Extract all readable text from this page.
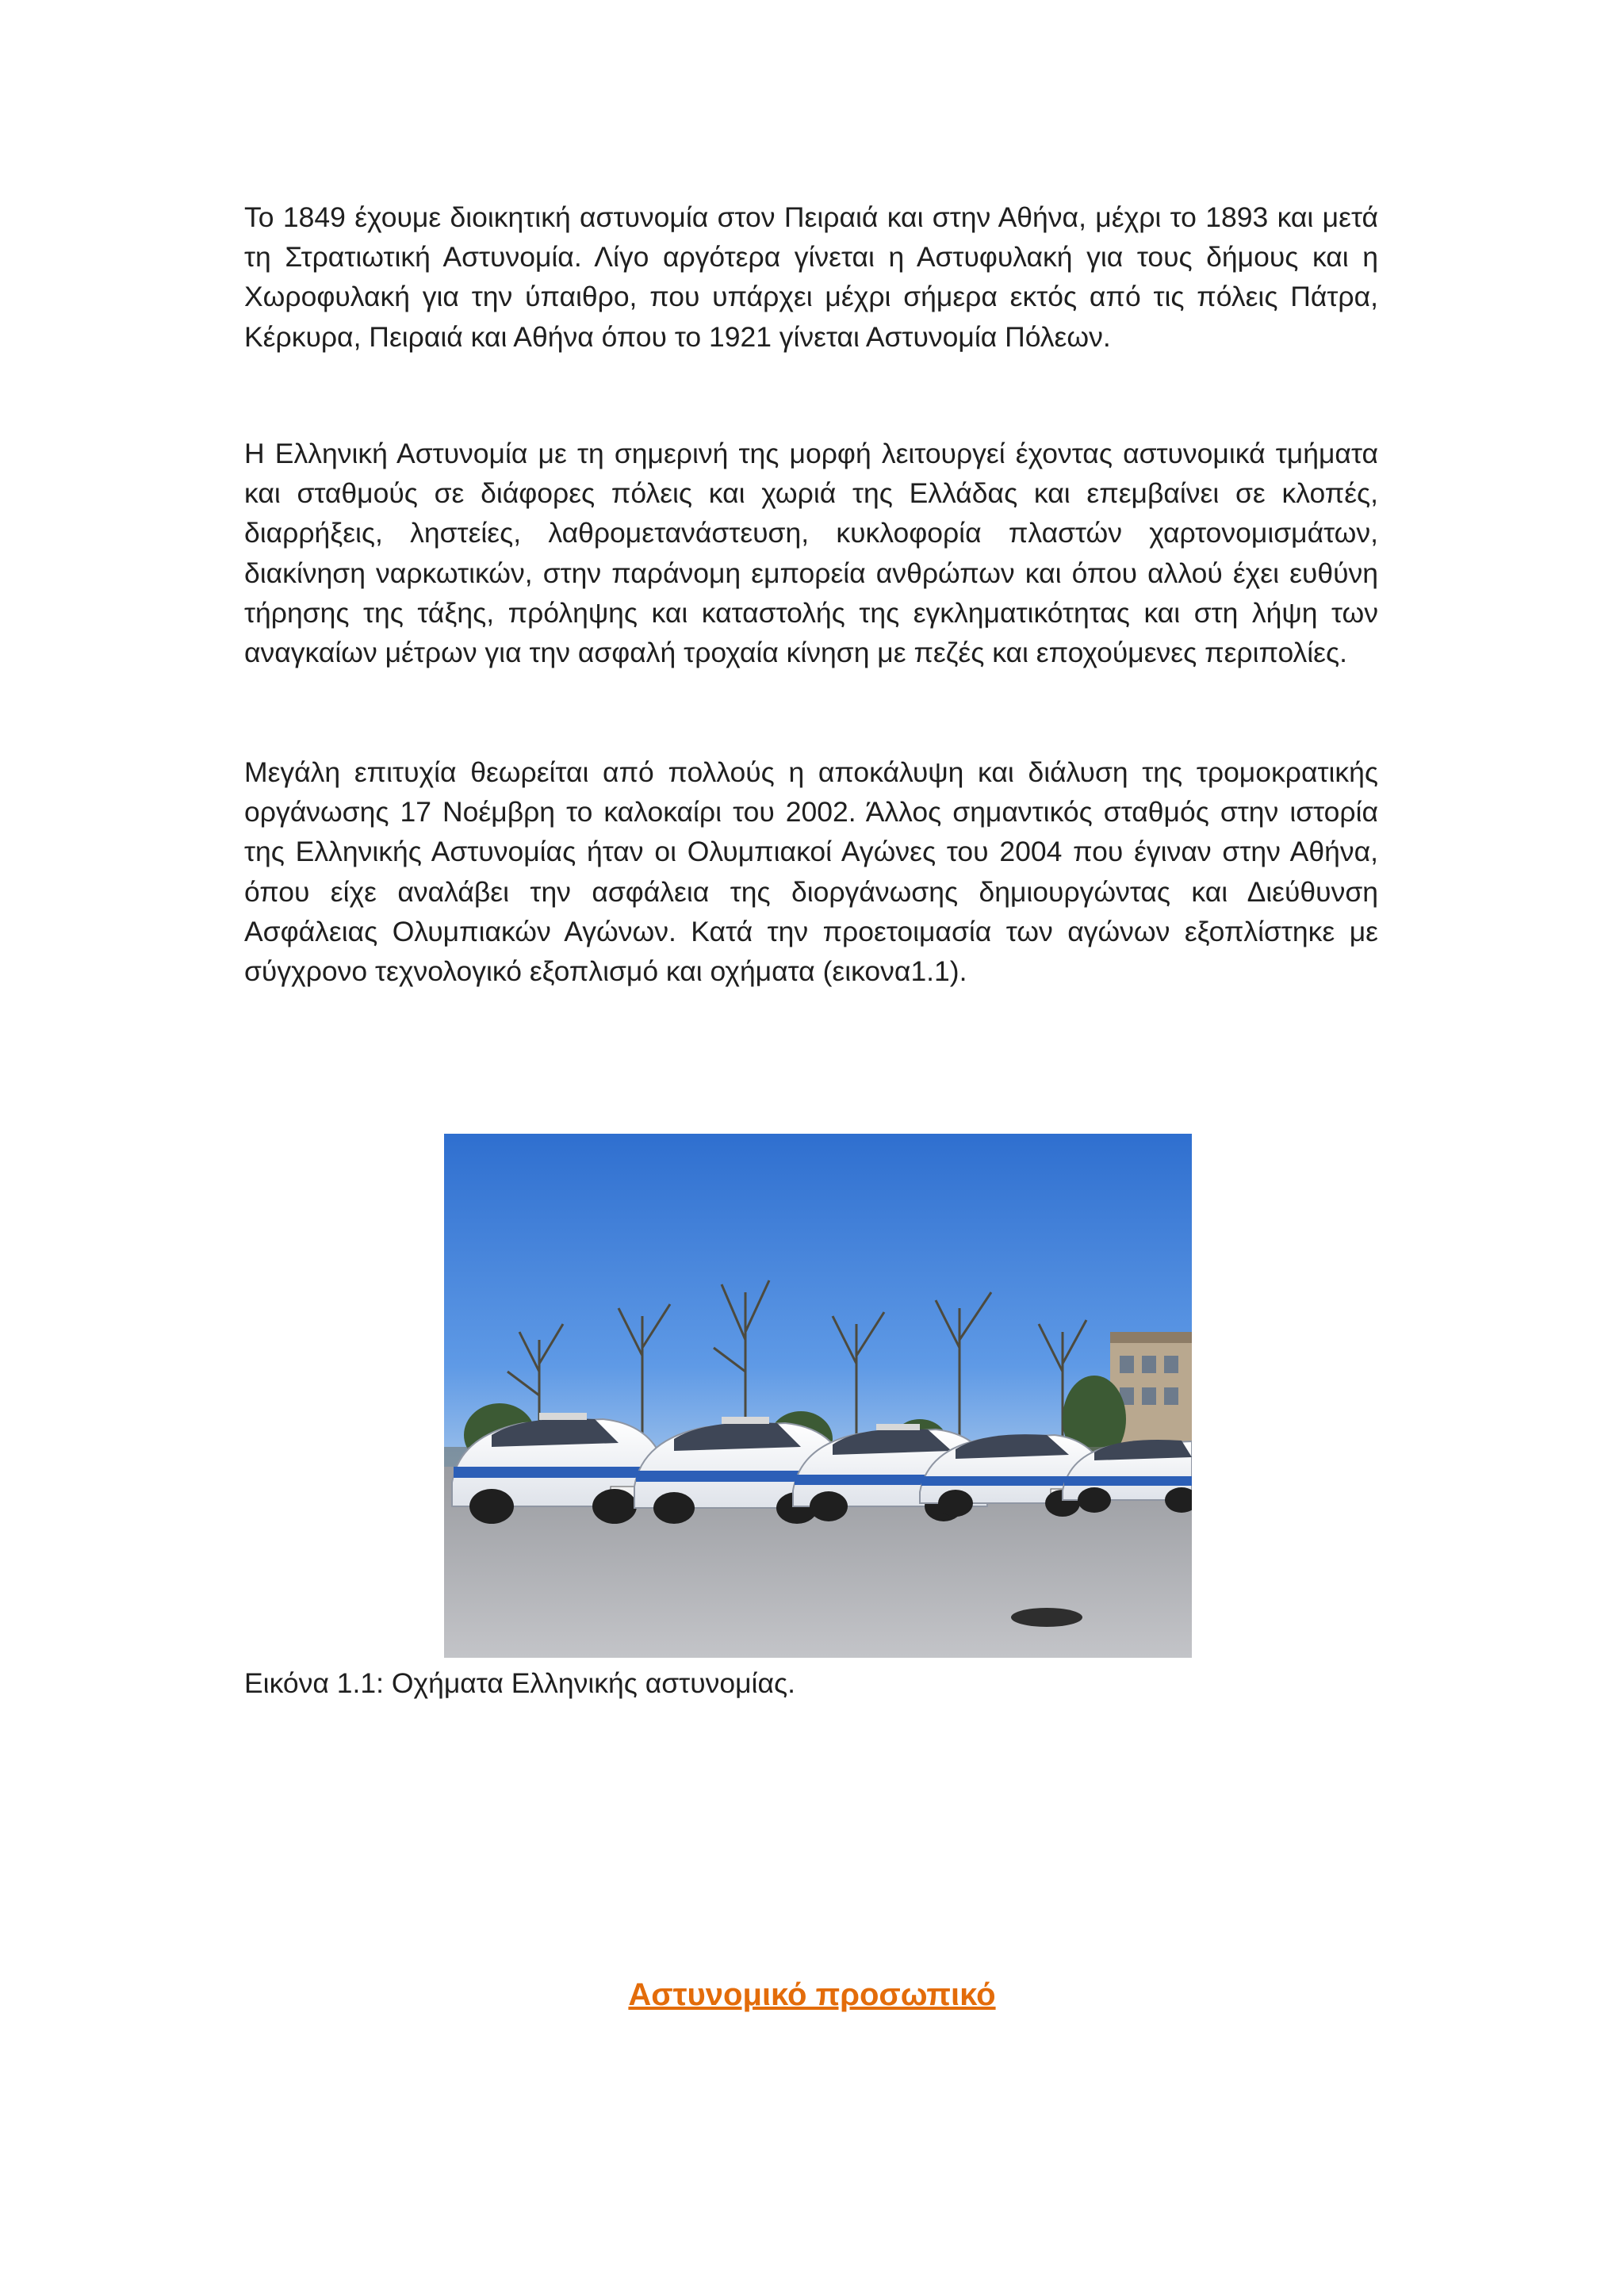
Το 1849 έχουμε διοικητική αστυνομία στον Πειραιά και στην Αθήνα, μέχρι το 1893 και μετά τη Στρατιωτική Αστυνομία. Λίγο αργότερα γίνεται η Αστυφυλακή για τους δήμους και η Χωροφυλακή για την ύπαιθρο, που υπάρχει μέχρι σήμερα εκτός από τις πόλεις Πάτρα, Κέρκυρα, Πειραιά και Αθήνα όπου το 1921 γίνεται Αστυνομία Πόλεων.

Η Ελληνική Αστυνομία με τη σημερινή της μορφή λειτουργεί έχοντας αστυνομικά τμήματα και σταθμούς σε διάφορες πόλεις και χωριά της Ελλάδας και επεμβαίνει σε κλοπές, διαρρήξεις, ληστείες, λαθρομετανάστευση, κυκλοφορία πλαστών χαρτονομισμάτων, διακίνηση ναρκωτικών, στην παράνομη εμπορεία ανθρώπων και όπου αλλού έχει ευθύνη τήρησης της τάξης, πρόληψης και καταστολής της εγκληματικότητας και στη λήψη των αναγκαίων μέτρων για την ασφαλή τροχαία κίνηση με πεζές και εποχούμενες περιπολίες.

Μεγάλη επιτυχία θεωρείται από πολλούς η αποκάλυψη και διάλυση της τρομοκρατικής οργάνωσης 17 Νοέμβρη το καλοκαίρι του 2002. Άλλος σημαντικός σταθμός στην ιστορία της Ελληνικής Αστυνομίας ήταν οι Ολυμπιακοί Αγώνες του 2004 που έγιναν στην Αθήνα, όπου είχε αναλάβει την ασφάλεια της διοργάνωσης δημιουργώντας και Διεύθυνση Ασφάλειας Ολυμπιακών Αγώνων. Κατά την προετοιμασία των αγώνων εξοπλίστηκε με σύγχρονο τεχνολογικό εξοπλισμό και οχήματα (εικονα1.1).

Εικόνα 1.1: Οχήματα Ελληνικής αστυνομίας.

Αστυνομικό προσωπικό
